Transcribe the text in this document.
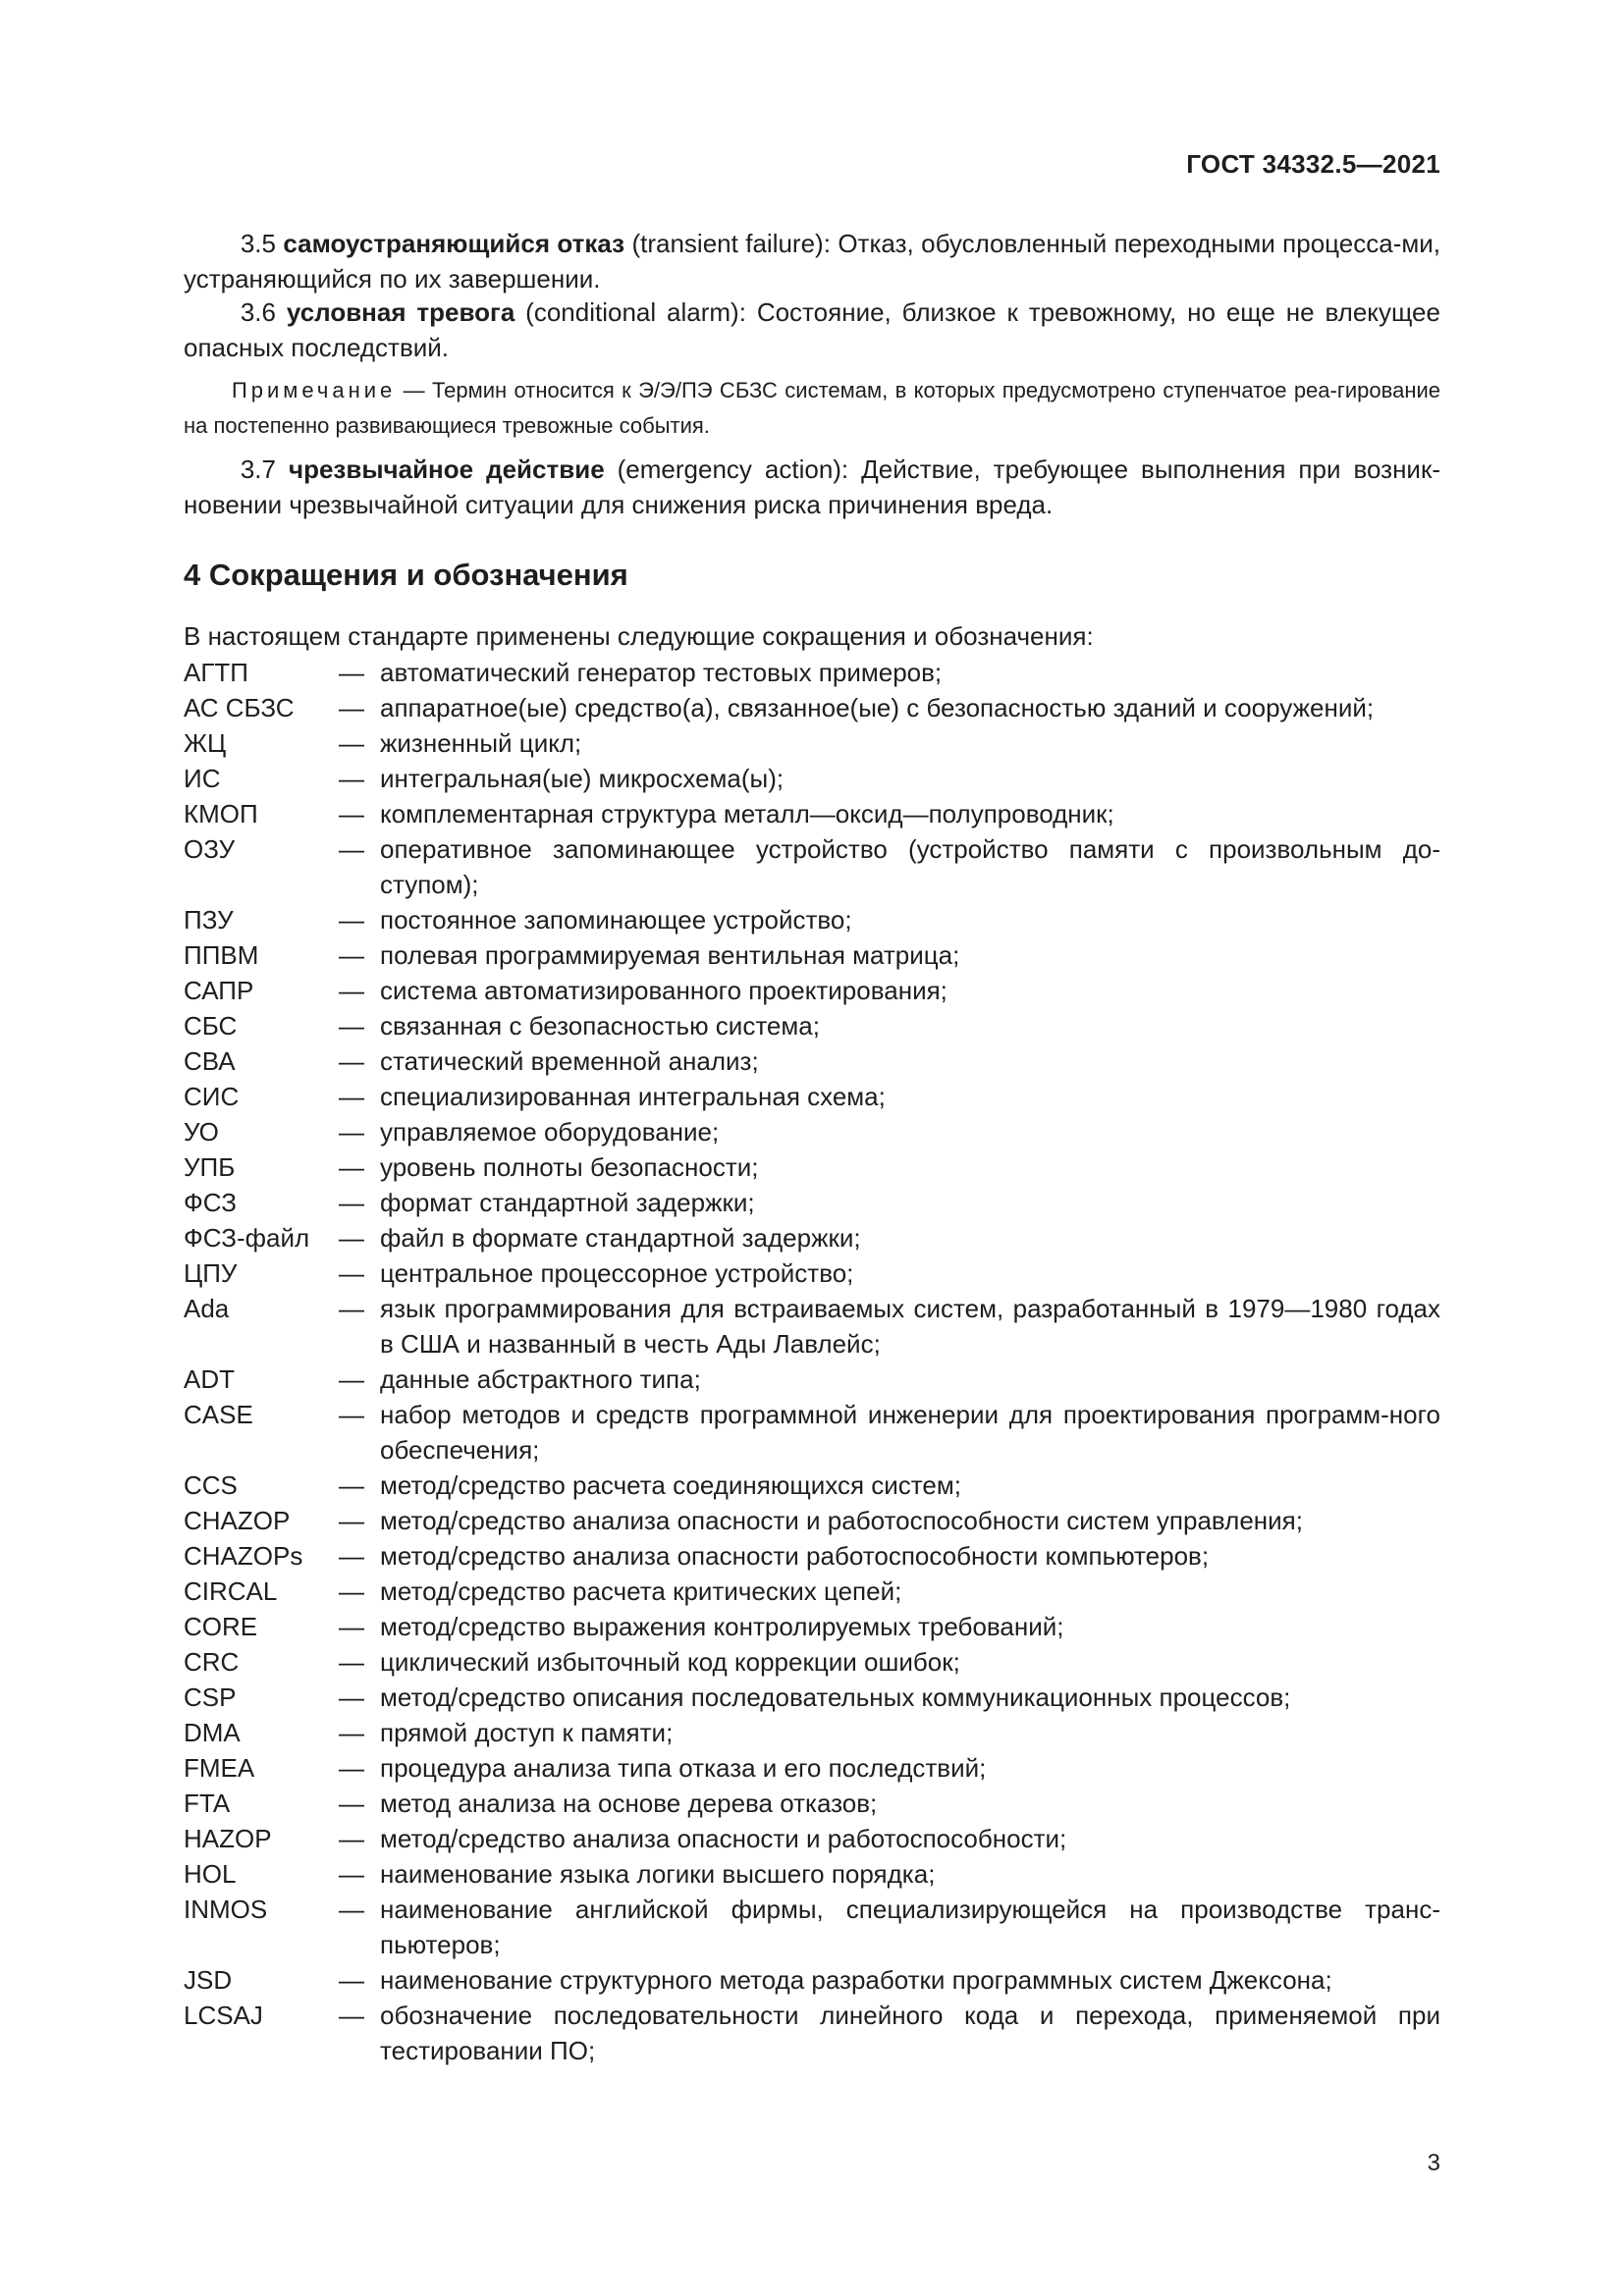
ГОСТ 34332.5—2021
3.5 самоустраняющийся отказ (transient failure): Отказ, обусловленный переходными процесса-ми, устраняющийся по их завершении.
3.6 условная тревога (conditional alarm): Состояние, близкое к тревожному, но еще не влекущее опасных последствий.
Примечание — Термин относится к Э/Э/ПЭ СБЗС системам, в которых предусмотрено ступенчатое реа-гирование на постепенно развивающиеся тревожные события.
3.7 чрезвычайное действие (emergency action): Действие, требующее выполнения при возник-новении чрезвычайной ситуации для снижения риска причинения вреда.
4 Сокращения и обозначения
В настоящем стандарте применены следующие сокращения и обозначения:
АГТП	— автоматический генератор тестовых примеров;
АС СБЗС	— аппаратное(ые) средство(а), связанное(ые) с безопасностью зданий и сооружений;
ЖЦ	— жизненный цикл;
ИС	— интегральная(ые) микросхема(ы);
КМОП	— комплементарная структура металл—оксид—полупроводник;
ОЗУ	— оперативное запоминающее устройство (устройство памяти с произвольным до-ступом);
ПЗУ	— постоянное запоминающее устройство;
ППВМ	— полевая программируемая вентильная матрица;
САПР	— система автоматизированного проектирования;
СБС	— связанная с безопасностью система;
СВА	— статический временной анализ;
СИС	— специализированная интегральная схема;
УО	— управляемое оборудование;
УПБ	— уровень полноты безопасности;
ФСЗ	— формат стандартной задержки;
ФСЗ-файл	— файл в формате стандартной задержки;
ЦПУ	— центральное процессорное устройство;
Ada	— язык программирования для встраиваемых систем, разработанный в 1979—1980 годах в США и названный в честь Ады Лавлейс;
ADT	— данные абстрактного типа;
CASE	— набор методов и средств программной инженерии для проектирования программ-ного обеспечения;
CCS	— метод/средство расчета соединяющихся систем;
CHAZOP	— метод/средство анализа опасности и работоспособности систем управления;
CHAZOPs	— метод/средство анализа опасности работоспособности компьютеров;
CIRCAL	— метод/средство расчета критических цепей;
CORE	— метод/средство выражения контролируемых требований;
CRC	— циклический избыточный код коррекции ошибок;
CSP	— метод/средство описания последовательных коммуникационных процессов;
DMA	— прямой доступ к памяти;
FMEA	— процедура анализа типа отказа и его последствий;
FTA	— метод анализа на основе дерева отказов;
HAZOP	— метод/средство анализа опасности и работоспособности;
HOL	— наименование языка логики высшего порядка;
INMOS	— наименование английской фирмы, специализирующейся на производстве транс-пьютеров;
JSD	— наименование структурного метода разработки программных систем Джексона;
LCSAJ	— обозначение последовательности линейного кода и перехода, применяемой при тестировании ПО;
3
